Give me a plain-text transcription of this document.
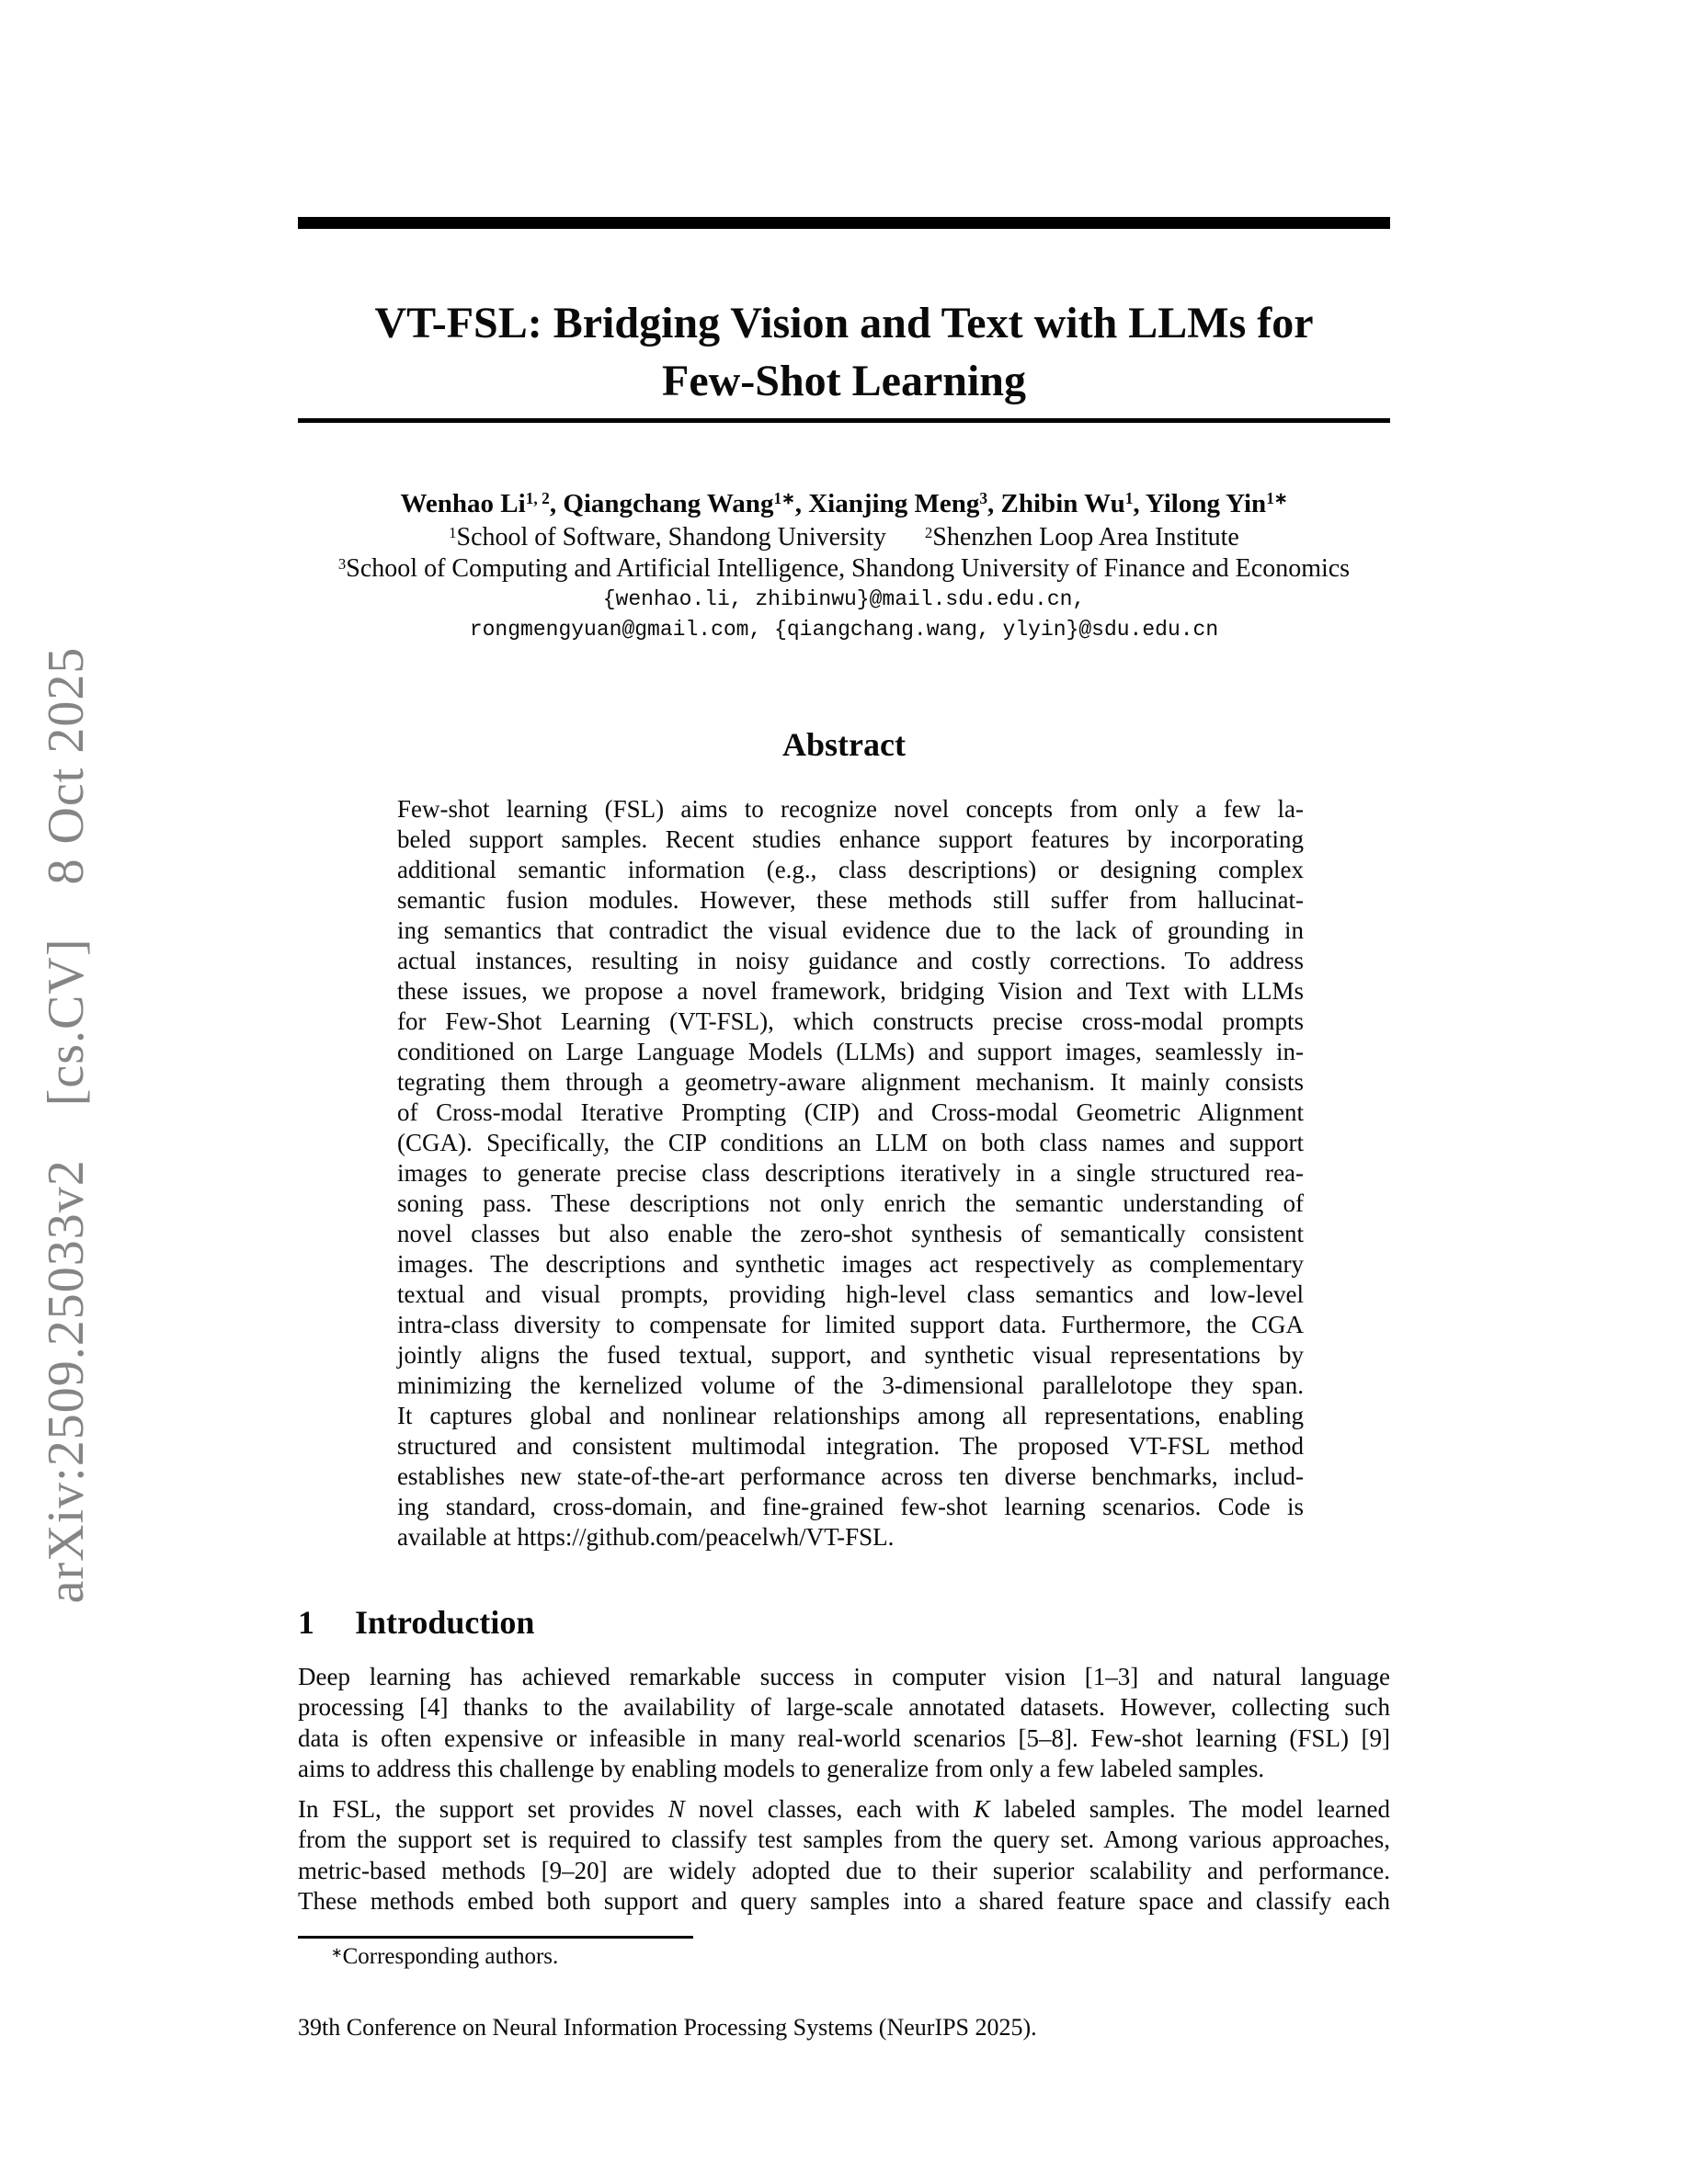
arXiv:2509.25033v2  [cs.CV]  8 Oct 2025
VT-FSL: Bridging Vision and Text with LLMs for
Few-Shot Learning
Wenhao Li$^{1, 2}$, Qiangchang Wang$^{1∗}$, Xianjing Meng$^3$, Zhibin Wu$^1$, Yilong Yin$^{1∗}$
$^1$School of Software, Shandong University  $^2$Shenzhen Loop Area Institute
$^3$School of Computing and Artificial Intelligence, Shandong University of Finance and Economics
{wenhao.li, zhibinwu}@mail.sdu.edu.cn,
rongmengyuan@gmail.com, {qiangchang.wang, ylyin}@sdu.edu.cn
Abstract
Few-shot learning (FSL) aims to recognize novel concepts from only a few la-
beled support samples. Recent studies enhance support features by incorporating
additional semantic information (e.g., class descriptions) or designing complex
semantic fusion modules. However, these methods still suffer from hallucinat-
ing semantics that contradict the visual evidence due to the lack of grounding in
actual instances, resulting in noisy guidance and costly corrections. To address
these issues, we propose a novel framework, bridging Vision and Text with LLMs
for Few-Shot Learning (VT-FSL), which constructs precise cross-modal prompts
conditioned on Large Language Models (LLMs) and support images, seamlessly in-
tegrating them through a geometry-aware alignment mechanism. It mainly consists
of Cross-modal Iterative Prompting (CIP) and Cross-modal Geometric Alignment
(CGA). Specifically, the CIP conditions an LLM on both class names and support
images to generate precise class descriptions iteratively in a single structured rea-
soning pass. These descriptions not only enrich the semantic understanding of
novel classes but also enable the zero-shot synthesis of semantically consistent
images. The descriptions and synthetic images act respectively as complementary
textual and visual prompts, providing high-level class semantics and low-level
intra-class diversity to compensate for limited support data. Furthermore, the CGA
jointly aligns the fused textual, support, and synthetic visual representations by
minimizing the kernelized volume of the 3-dimensional parallelotope they span.
It captures global and nonlinear relationships among all representations, enabling
structured and consistent multimodal integration. The proposed VT-FSL method
establishes new state-of-the-art performance across ten diverse benchmarks, includ-
ing standard, cross-domain, and fine-grained few-shot learning scenarios. Code is
available at https://github.com/peacelwh/VT-FSL.
1 Introduction
Deep learning has achieved remarkable success in computer vision [1–3] and natural language
processing [4] thanks to the availability of large-scale annotated datasets. However, collecting such
data is often expensive or infeasible in many real-world scenarios [5–8]. Few-shot learning (FSL) [9]
aims to address this challenge by enabling models to generalize from only a few labeled samples.
In FSL, the support set provides N novel classes, each with K labeled samples. The model learned
from the support set is required to classify test samples from the query set. Among various approaches,
metric-based methods [9–20] are widely adopted due to their superior scalability and performance.
These methods embed both support and query samples into a shared feature space and classify each
∗Corresponding authors.
39th Conference on Neural Information Processing Systems (NeurIPS 2025).
